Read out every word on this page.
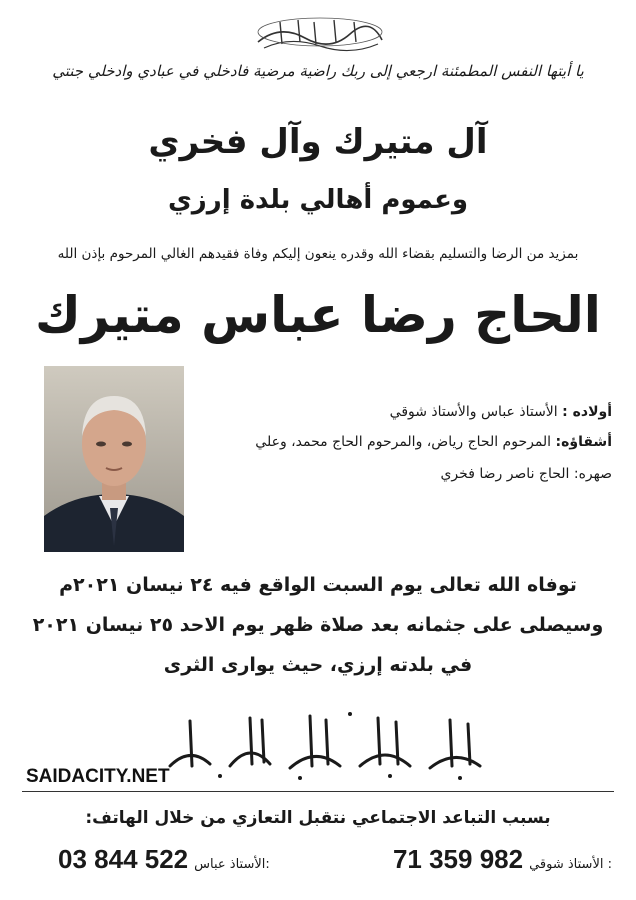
يا أيتها النفس المطمئنة ارجعي إلى ربك راضية مرضية فادخلي في عبادي وادخلي جنتي
آل متيرك وآل فخري
وعموم أهالي بلدة إرزي
بمزيد من الرضا والتسليم بقضاء الله وقدره ينعون إليكم وفاة فقيدهم الغالي المرحوم بإذن الله
الحاج رضا عباس متيرك
أولاده : الأستاذ عباس والأستاذ شوقي
أشقاؤه: المرحوم الحاج رياض، والمرحوم الحاج محمد، وعلي
صهره: الحاج ناصر رضا فخري
توفاه الله تعالى يوم السبت الواقع فيه ٢٤ نيسان ٢٠٢١م
وسيصلى على جثمانه بعد صلاة ظهر يوم الاحد ٢٥ نيسان ٢٠٢١
في بلدته إرزي، حيث يوارى الثرى
SAIDACITY.NET
بسبب التباعد الاجتماعي نتقبل التعازي من خلال الهاتف:
الأستاذ شوقي :
71 359 982
الأستاذ عباس:
03 844 522
